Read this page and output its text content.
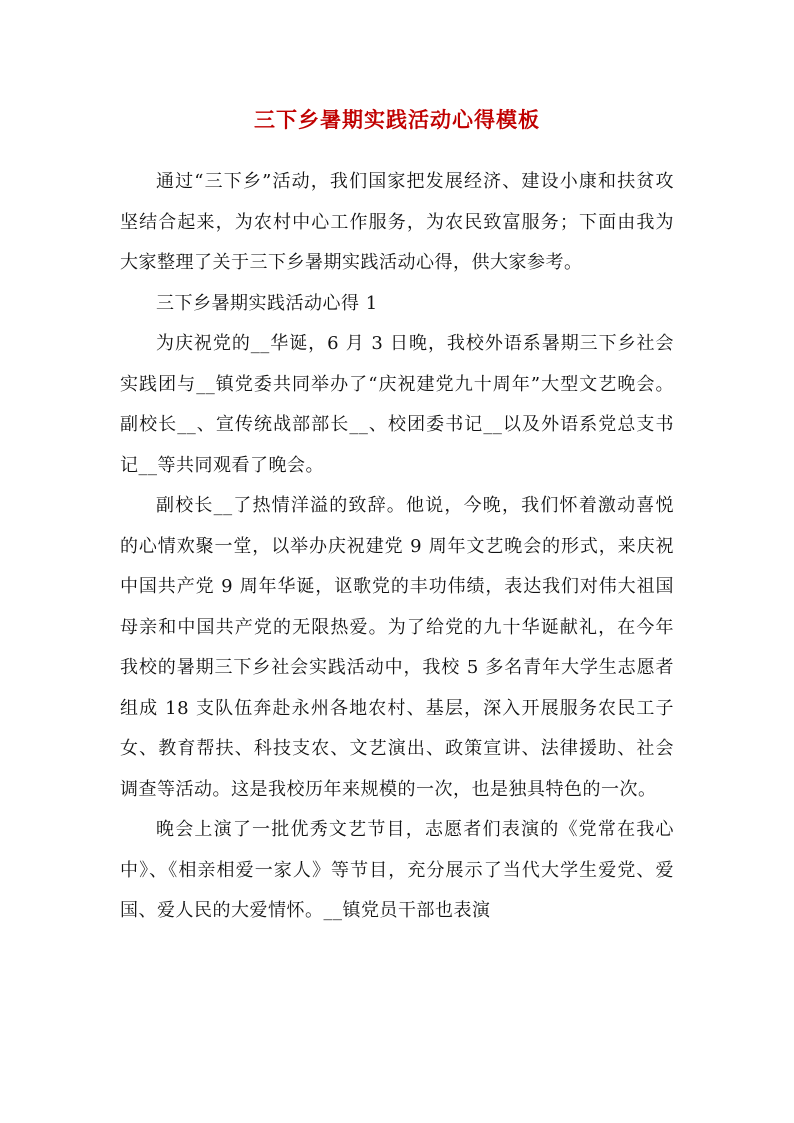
三下乡暑期实践活动心得模板

通过“三下乡”活动，我们国家把发展经济、建设小康和扶贫攻坚结合起来，为农村中心工作服务，为农民致富服务；下面由我为大家整理了关于三下乡暑期实践活动心得，供大家参考。

三下乡暑期实践活动心得 1

为庆祝党的__华诞，6 月 3 日晚，我校外语系暑期三下乡社会实践团与__镇党委共同举办了“庆祝建党九十周年”大型文艺晚会。副校长__、宣传统战部部长__、校团委书记__以及外语系党总支书记__等共同观看了晚会。

副校长__了热情洋溢的致辞。他说，今晚，我们怀着激动喜悦的心情欢聚一堂，以举办庆祝建党 9 周年文艺晚会的形式，来庆祝中国共产党 9 周年华诞，讴歌党的丰功伟绩，表达我们对伟大祖国母亲和中国共产党的无限热爱。为了给党的九十华诞献礼，在今年我校的暑期三下乡社会实践活动中，我校 5 多名青年大学生志愿者组成 18 支队伍奔赴永州各地农村、基层，深入开展服务农民工子女、教育帮扶、科技支农、文艺演出、政策宣讲、法律援助、社会调查等活动。这是我校历年来规模的一次，也是独具特色的一次。

晚会上演了一批优秀文艺节目，志愿者们表演的《党常在我心中》、《相亲相爱一家人》等节目，充分展示了当代大学生爱党、爱国、爱人民的大爱情怀。__镇党员干部也表演
